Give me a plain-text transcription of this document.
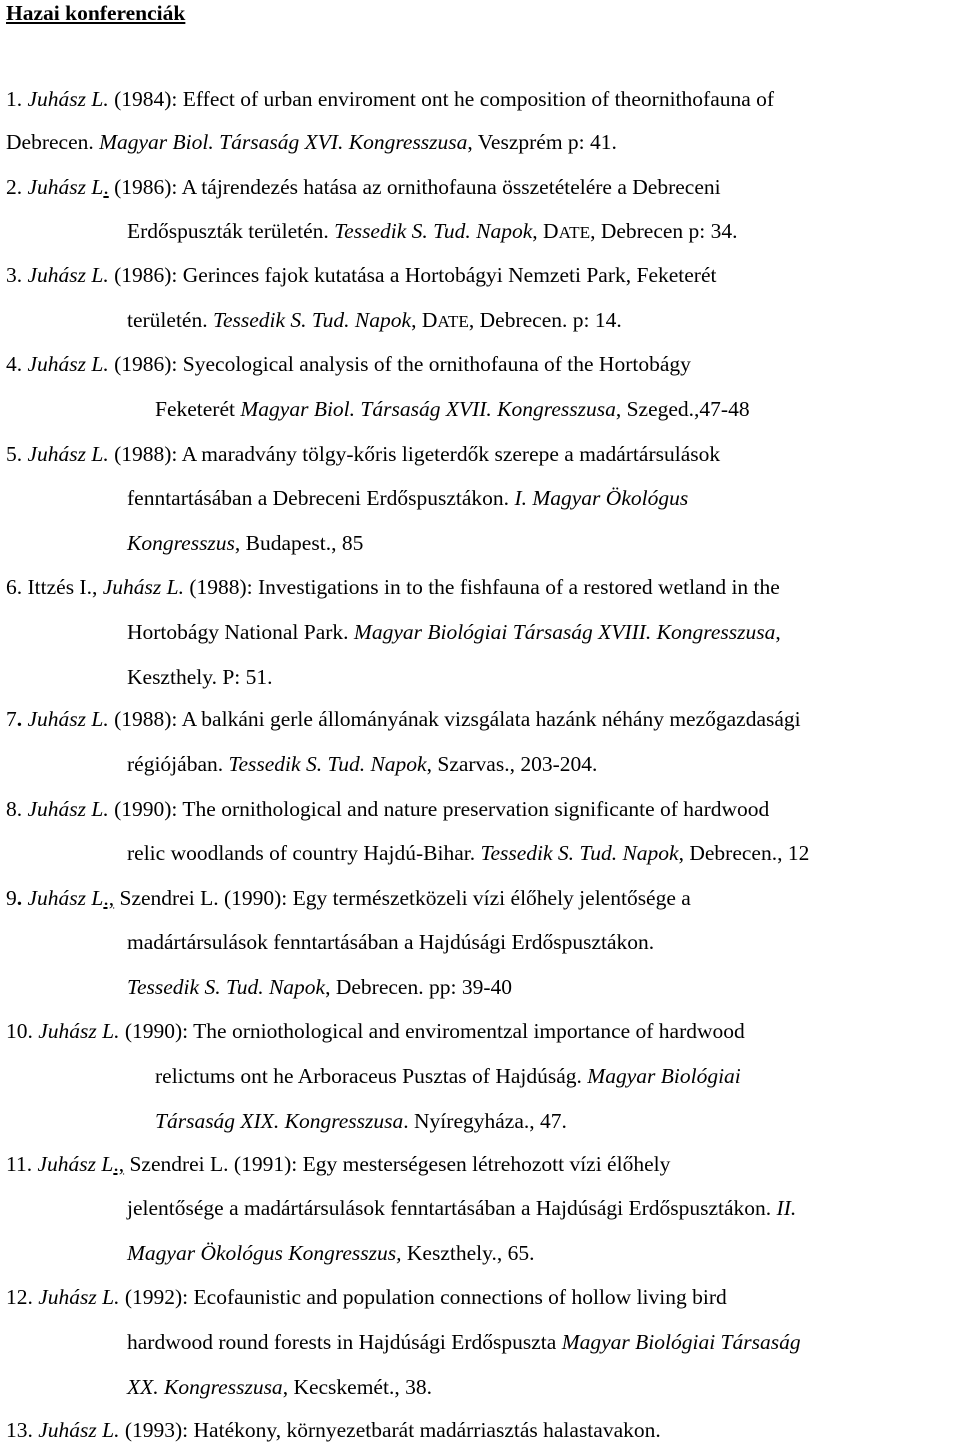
Hazai konferenciák
1. Juhász L. (1984): Effect of urban enviroment ont he composition of theornithofauna of
Debrecen. Magyar Biol. Társaság XVI. Kongresszusa, Veszprém p: 41.
2. Juhász L. (1986): A tájrendezés hatása az ornithofauna összetételére a Debreceni
Erdőspuszták területén. Tessedik S. Tud. Napok, DATE, Debrecen p: 34.
3. Juhász L. (1986): Gerinces fajok kutatása a Hortobágyi Nemzeti Park, Feketerét
területén. Tessedik S. Tud. Napok, DATE, Debrecen. p: 14.
4. Juhász L. (1986): Syecological analysis of the ornithofauna of the Hortobágy
Feketerét Magyar Biol. Társaság XVII. Kongresszusa, Szeged.,47-48
5. Juhász L. (1988): A maradvány tölgy-kőris ligeterdők szerepe a madártársulások
fenntartásában a Debreceni Erdőspusztákon. I. Magyar Ökológus
Kongresszus, Budapest., 85
6. Ittzés I., Juhász L. (1988): Investigations in to the fishfauna of a restored wetland in the
Hortobágy National Park. Magyar Biológiai Társaság XVIII. Kongresszusa,
Keszthely. P: 51.
7. Juhász L. (1988): A balkáni gerle állományának vizsgálata hazánk néhány mezőgazdasági
régiójában. Tessedik S. Tud. Napok, Szarvas., 203-204.
8. Juhász L. (1990): The ornithological and nature preservation significante of hardwood
relic woodlands of country Hajdú-Bihar. Tessedik S. Tud. Napok, Debrecen., 12
9. Juhász L., Szendrei L. (1990): Egy természetközeli vízi élőhely jelentősége a
madártársulások fenntartásában a Hajdúsági Erdőspusztákon.
Tessedik S. Tud. Napok, Debrecen. pp: 39-40
10. Juhász L. (1990): The orniothological and enviromentzal importance of hardwood
relictums ont he Arboraceus Pusztas of Hajdúság. Magyar Biológiai
Társaság XIX. Kongresszusa. Nyíregyháza., 47.
11. Juhász L., Szendrei L. (1991): Egy mesterségesen létrehozott vízi élőhely
jelentősége a madártársulások fenntartásában a Hajdúsági Erdőspusztákon. II.
Magyar Ökológus Kongresszus, Keszthely., 65.
12. Juhász L. (1992): Ecofaunistic and population connections of hollow living bird
hardwood round forests in Hajdúsági Erdőspuszta Magyar Biológiai Társaság
XX. Kongresszusa, Kecskemét., 38.
13. Juhász L. (1993): Hatékony, környezetbarát madárriasztás halastavakon.
